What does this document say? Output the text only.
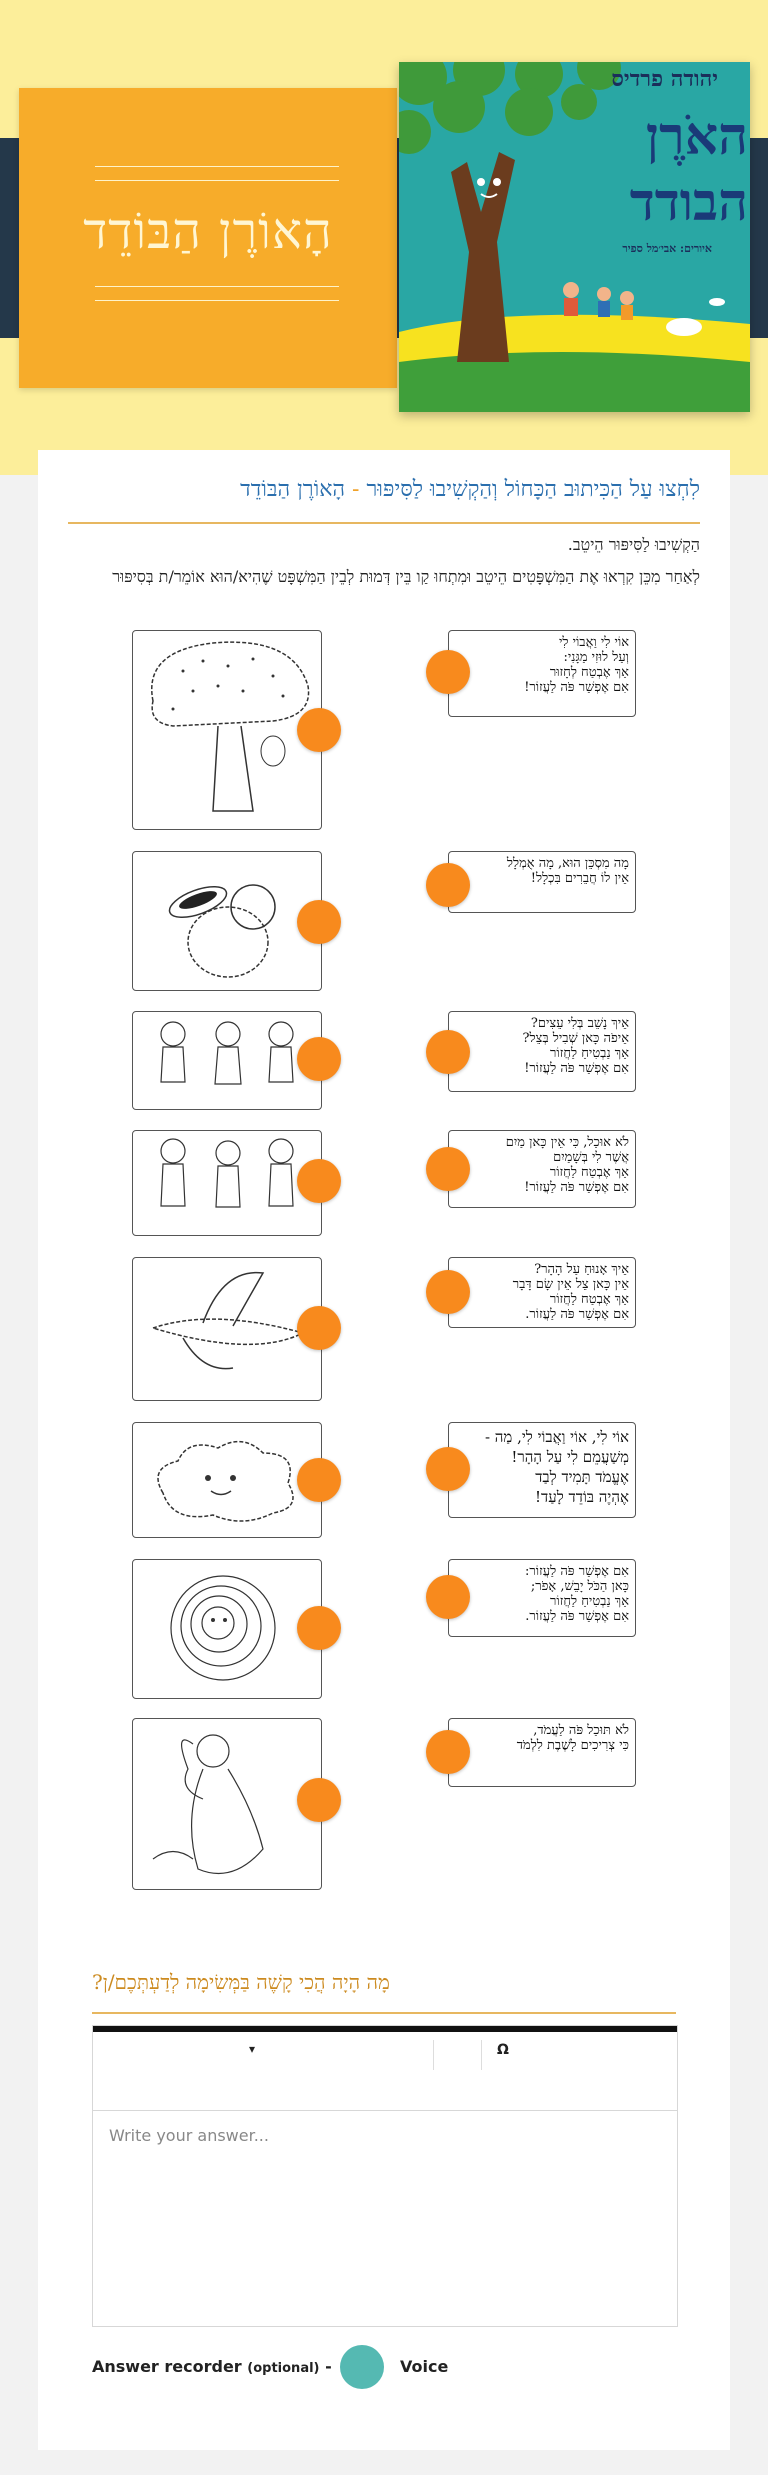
הָאוֹרֶן הַבּוֹדֵד
יהודה פרדיס
האֹרֶן
הבודד
איורים: אבי׳מל ספיר
לִחְצוּ עַל הַכִּיתוּב הַכָּחוֹל וְהַקְשִׁיבוּ לַסִּיפּוּר - הָאוֹרֶן הַבּוֹדֵד
הַקְשִׁיבוּ לַסִּיפּוּר הֵיטֵב.
לְאַחַר מִכֵּן קִרְאוּ אֶת הַמִּשְׁפָּטִים הֵיטֵב וּמִתְחוּ קַו בֵּין דְּמוּת לְבֵין הַמִּשְׁפָּט שֶׁהִיא/הוּא אוֹמֵר/ת בְּסִיפּוּר
אוֹי לִי וַאֲבוֹי לִי
וְעַל לוּזִי מַגָּנִי:
אַךְ אֶבְטַח לְחָזוּר
אִם אֶפְשַׁר פֹּה לַעֲזוֹר!
מָה מִסְכֵּן הוּא, מָה אֻמְלָל
אֵין לוֹ חֲבֵרִים בִּכְלָל!
אֵיךְ נָשֵׁב בְּלִי עֵצִים?
אֵיפֹה כָּאן שְׁבִיל בְּצֵל?
אַךְ נַבְטִיחַ לַחֲזוֹר
אִם אֶפְשַׁר פֹּה לַעֲזוֹר!
לֹא אוּכַל, כִּי אֵין כָּאן מַיִם
אֲשֶׁר לִי בְּשָׁמַיִם
אַךְ אֶבְטַח לַחֲזוֹר
אִם אֶפְשַׁר פֹּה לַעֲזוֹר!
אֵיךְ אָנוּחַ עַל הָהָר?
אֵין כָּאן צֵל אֵין שָׂם דָּבָר
אַךְ אֶבְטַח לַחֲזוֹר
אִם אֶפְשַׁר פֹּה לַעֲזוֹר.
אוֹי לִי, אוֹי וַאֲבוֹי לִי, מַה -
מְשַׁעֲמֵם לִי עַל הָהָר!
אֶעֱמֹד תָּמִיד לְבַד
אֶהְיֶה בּוֹדֵד לָעַד!
אִם אֶפְשַׁר פֹּה לַעֲזוֹר:
כָּאן הַכֹּל יָבֵשׁ, אָפֹר;
אַךְ נַבְטִיחַ לַחֲזוֹר
אִם אֶפְשַׁר פֹּה לַעֲזוֹר.
לֹא תּוּכַל פֹּה לַעֲמֹד,
כִּי צְרִיכִים לָשֶׁבֶת לִלְמֹד
מָה הָיָה הֲכִי קָשֶׁה בַּמְּשִׂימָה לְדַעְתְּכֶם/ן?
▾	Ω
Write your answer...
Answer recorder (optional) -	Voice
